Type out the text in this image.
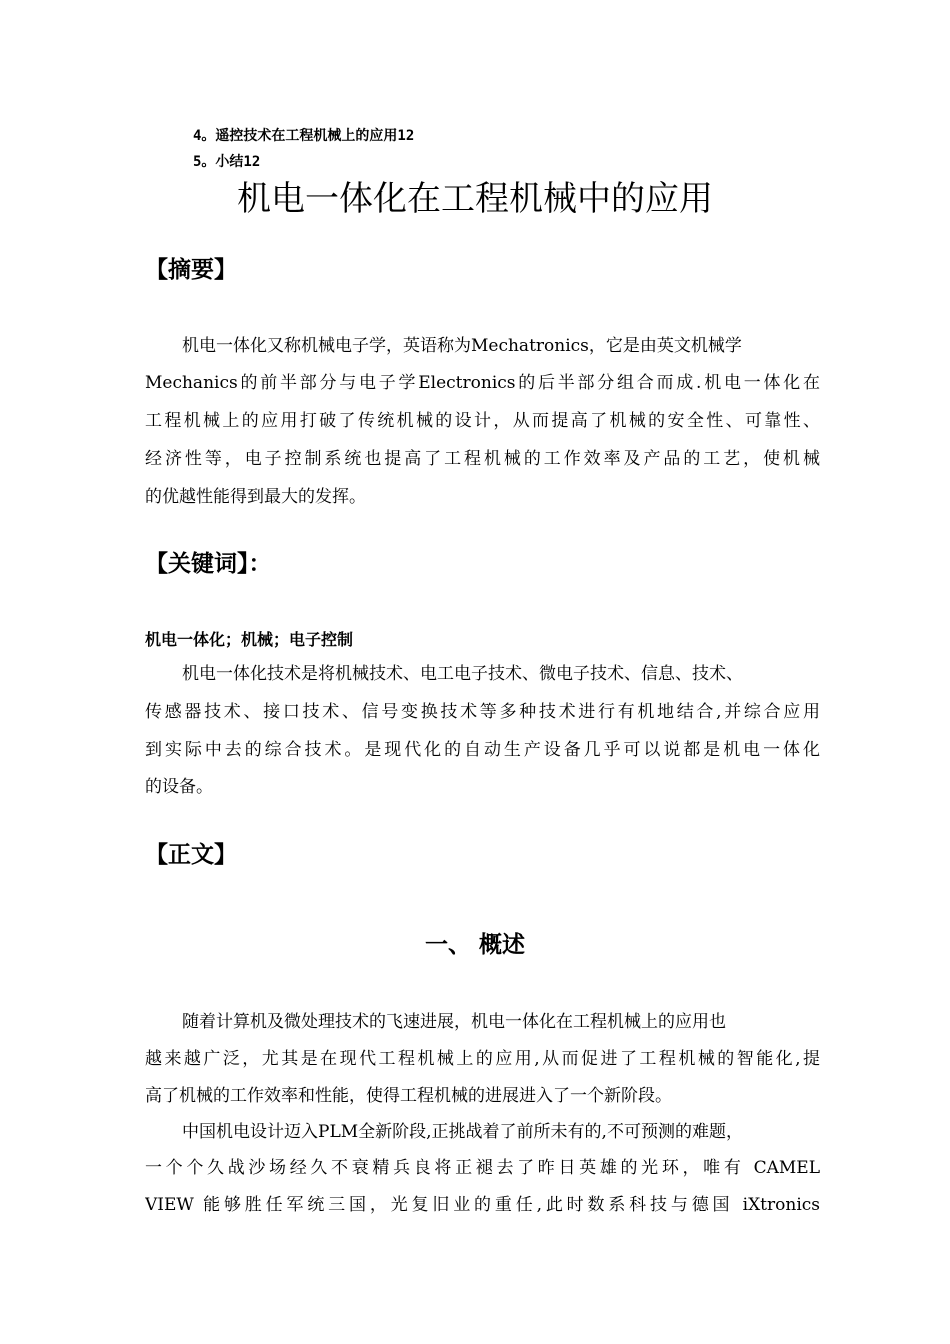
4。遥控技术在工程机械上的应用12
5。小结12
机电一体化在工程机械中的应用
【摘要】
机电一体化又称机械电子学，英语称为Mechatronics，它是由英文机械学
Mechanics的前半部分与电子学Electronics的后半部分组合而成.机电一体化在
工程机械上的应用打破了传统机械的设计，从而提高了机械的安全性、可靠性、
经济性等，电子控制系统也提高了工程机械的工作效率及产品的工艺，使机械
的优越性能得到最大的发挥。
【关键词】：
机电一体化；机械；电子控制
机电一体化技术是将机械技术、电工电子技术、微电子技术、信息、技术、
传感器技术、接口技术、信号变换技术等多种技术进行有机地结合,并综合应用
到实际中去的综合技术。是现代化的自动生产设备几乎可以说都是机电一体化
的设备。
【正文】
一、 概述
随着计算机及微处理技术的飞速进展，机电一体化在工程机械上的应用也
越来越广泛，尤其是在现代工程机械上的应用,从而促进了工程机械的智能化,提
高了机械的工作效率和性能，使得工程机械的进展进入了一个新阶段。
中国机电设计迈入PLM全新阶段,正挑战着了前所未有的,不可预测的难题，
一个个久战沙场经久不衰精兵良将正褪去了昨日英雄的光环，唯有 CAMEL
VIEW 能够胜任军统三国，光复旧业的重任,此时数系科技与德国 iXtronics
